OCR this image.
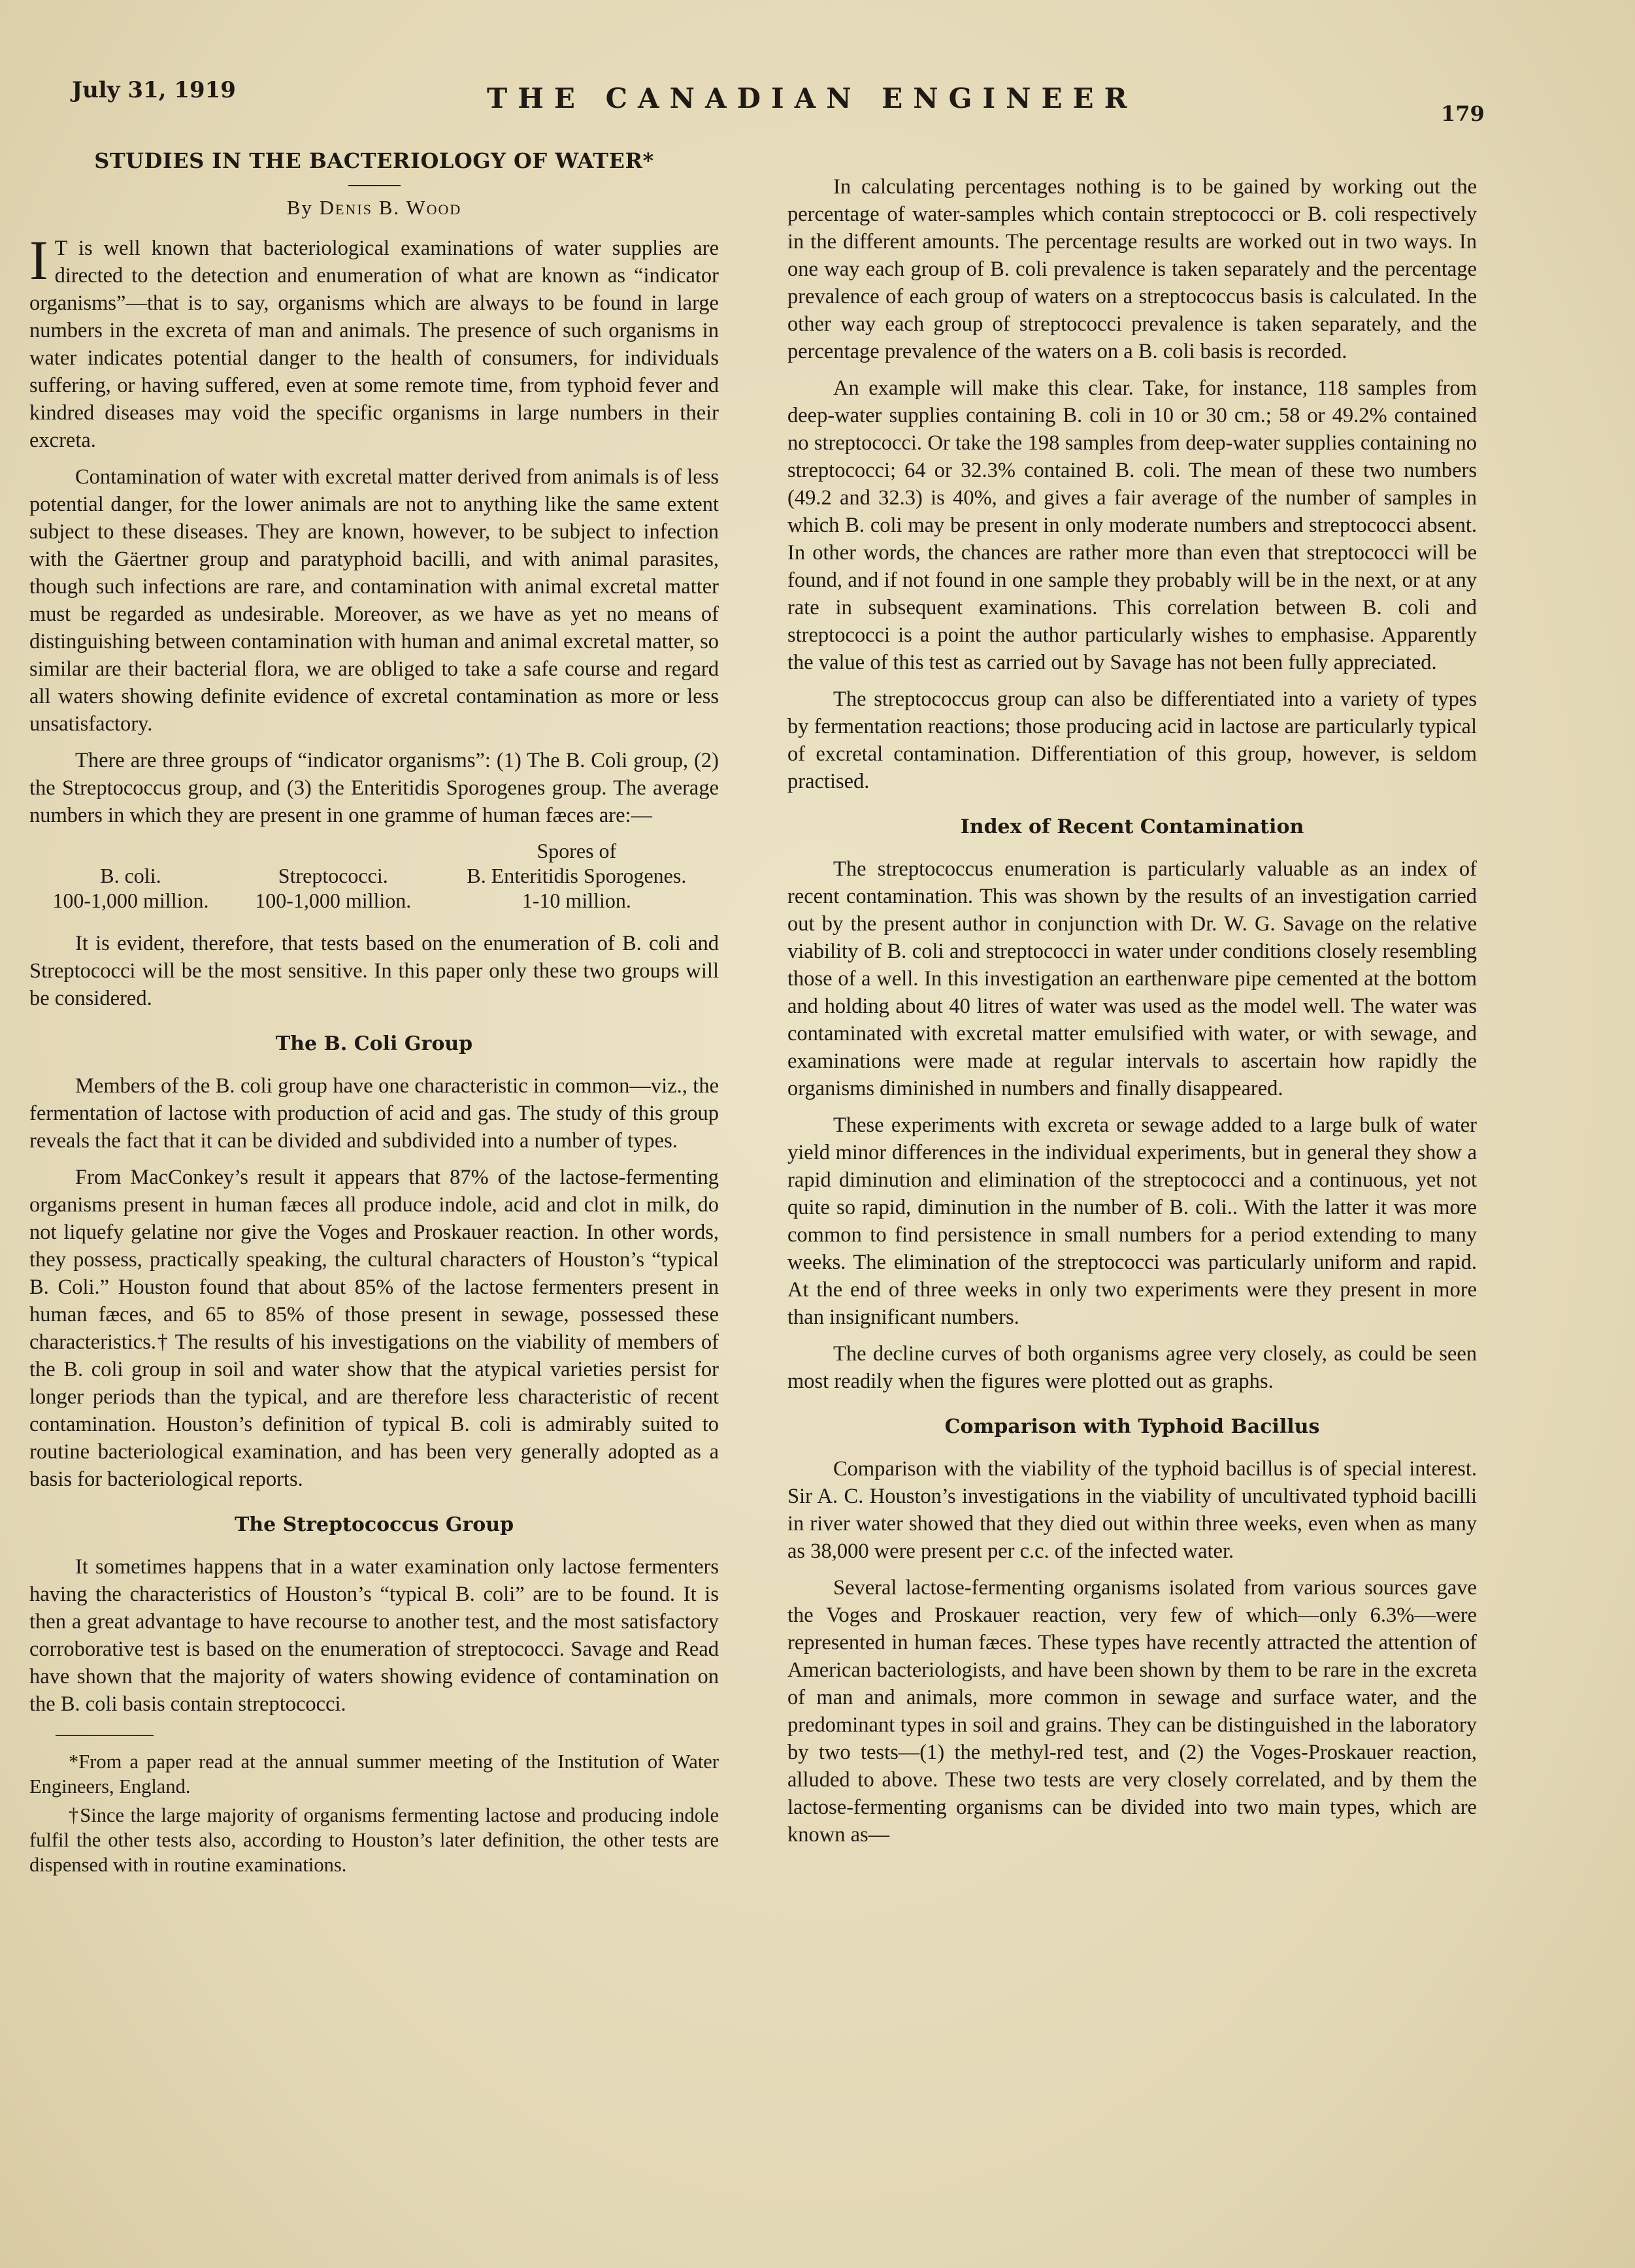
July 31, 1919	THE CANADIAN ENGINEER	179
STUDIES IN THE BACTERIOLOGY OF WATER*
By Denis B. Wood

I T is well known that bacteriological examinations of water supplies are directed to the detection and enumeration of what are known as “indicator organisms”—that is to say, organisms which are always to be found in large numbers in the excreta of man and animals. The presence of such organisms in water indicates potential danger to the health of consumers, for individuals suffering, or having suffered, even at some remote time, from typhoid fever and kindred diseases may void the specific organisms in large numbers in their excreta.

Contamination of water with excretal matter derived from animals is of less potential danger, for the lower animals are not to anything like the same extent subject to these diseases. They are known, however, to be subject to infection with the Gäertner group and paratyphoid bacilli, and with animal parasites, though such infections are rare, and contamination with animal excretal matter must be regarded as undesirable. Moreover, as we have as yet no means of distinguishing between contamination with human and animal excretal matter, so similar are their bacterial flora, we are obliged to take a safe course and regard all waters showing definite evidence of excretal contamination as more or less unsatisfactory.

There are three groups of “indicator organisms”: (1) The B. Coli group, (2) the Streptococcus group, and (3) the Enteritidis Sporogenes group. The average numbers in which they are present in one gramme of human fæces are:—

		Spores of
B. coli.	Streptococci.	B. Enteritidis Sporogenes.
100-1,000 million.	100-1,000 million.	1-10 million.

It is evident, therefore, that tests based on the enumeration of B. coli and Streptococci will be the most sensitive. In this paper only these two groups will be considered.

The B. Coli Group

Members of the B. coli group have one characteristic in common—viz., the fermentation of lactose with production of acid and gas. The study of this group reveals the fact that it can be divided and subdivided into a number of types.

From MacConkey’s result it appears that 87% of the lactose-fermenting organisms present in human fæces all produce indole, acid and clot in milk, do not liquefy gelatine nor give the Voges and Proskauer reaction. In other words, they possess, practically speaking, the cultural characters of Houston’s “typical B. Coli.” Houston found that about 85% of the lactose fermenters present in human fæces, and 65 to 85% of those present in sewage, possessed these characteristics.† The results of his investigations on the viability of members of the B. coli group in soil and water show that the atypical varieties persist for longer periods than the typical, and are therefore less characteristic of recent contamination. Houston’s definition of typical B. coli is admirably suited to routine bacteriological examination, and has been very generally adopted as a basis for bacteriological reports.

The Streptococcus Group

It sometimes happens that in a water examination only lactose fermenters having the characteristics of Houston’s “typical B. coli” are to be found. It is then a great advantage to have recourse to another test, and the most satisfactory corroborative test is based on the enumeration of streptococci. Savage and Read have shown that the majority of waters showing evidence of contamination on the B. coli basis contain streptococci.

*From a paper read at the annual summer meeting of the Institution of Water Engineers, England.

†Since the large majority of organisms fermenting lactose and producing indole fulfil the other tests also, according to Houston’s later definition, the other tests are dispensed with in routine examinations.

In calculating percentages nothing is to be gained by working out the percentage of water-samples which contain streptococci or B. coli respectively in the different amounts. The percentage results are worked out in two ways. In one way each group of B. coli prevalence is taken separately and the percentage prevalence of each group of waters on a streptococcus basis is calculated. In the other way each group of streptococci prevalence is taken separately, and the percentage prevalence of the waters on a B. coli basis is recorded.

An example will make this clear. Take, for instance, 118 samples from deep-water supplies containing B. coli in 10 or 30 cm.; 58 or 49.2% contained no streptococci. Or take the 198 samples from deep-water supplies containing no streptococci; 64 or 32.3% contained B. coli. The mean of these two numbers (49.2 and 32.3) is 40%, and gives a fair average of the number of samples in which B. coli may be present in only moderate numbers and streptococci absent. In other words, the chances are rather more than even that streptococci will be found, and if not found in one sample they probably will be in the next, or at any rate in subsequent examinations. This correlation between B. coli and streptococci is a point the author particularly wishes to emphasise. Apparently the value of this test as carried out by Savage has not been fully appreciated.

The streptococcus group can also be differentiated into a variety of types by fermentation reactions; those producing acid in lactose are particularly typical of excretal contamination. Differentiation of this group, however, is seldom practised.

Index of Recent Contamination

The streptococcus enumeration is particularly valuable as an index of recent contamination. This was shown by the results of an investigation carried out by the present author in conjunction with Dr. W. G. Savage on the relative viability of B. coli and streptococci in water under conditions closely resembling those of a well. In this investigation an earthenware pipe cemented at the bottom and holding about 40 litres of water was used as the model well. The water was contaminated with excretal matter emulsified with water, or with sewage, and examinations were made at regular intervals to ascertain how rapidly the organisms diminished in numbers and finally disappeared.

These experiments with excreta or sewage added to a large bulk of water yield minor differences in the individual experiments, but in general they show a rapid diminution and elimination of the streptococci and a continuous, yet not quite so rapid, diminution in the number of B. coli.. With the latter it was more common to find persistence in small numbers for a period extending to many weeks. The elimination of the streptococci was particularly uniform and rapid. At the end of three weeks in only two experiments were they present in more than insignificant numbers.

The decline curves of both organisms agree very closely, as could be seen most readily when the figures were plotted out as graphs.

Comparison with Typhoid Bacillus

Comparison with the viability of the typhoid bacillus is of special interest. Sir A. C. Houston’s investigations in the viability of uncultivated typhoid bacilli in river water showed that they died out within three weeks, even when as many as 38,000 were present per c.c. of the infected water.

Several lactose-fermenting organisms isolated from various sources gave the Voges and Proskauer reaction, very few of which—only 6.3%—were represented in human fæces. These types have recently attracted the attention of American bacteriologists, and have been shown by them to be rare in the excreta of man and animals, more common in sewage and surface water, and the predominant types in soil and grains. They can be distinguished in the laboratory by two tests—(1) the methyl-red test, and (2) the Voges-Proskauer reaction, alluded to above. These two tests are very closely correlated, and by them the lactose-fermenting organisms can be divided into two main types, which are known as—
